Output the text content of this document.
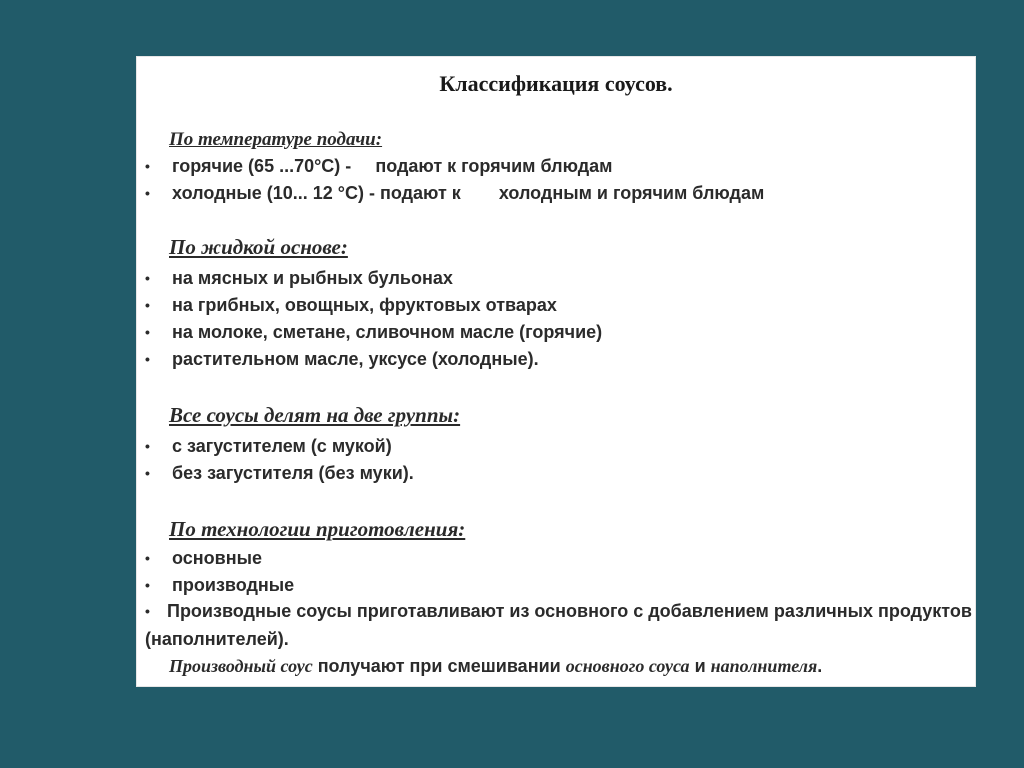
Классификация соусов.
По температуре подачи:
• горячие (65 ...70°С) - подают к горячим блюдам
• холодные (10... 12 °С) - подают к холодным и горячим блюдам
По жидкой основе:
• на мясных и рыбных бульонах
• на грибных, овощных, фруктовых отварах
• на молоке, сметане, сливочном масле (горячие)
• растительном масле, уксусе (холодные).
Все соусы делят на две группы:
• с загустителем (с мукой)
• без загустителя (без муки).
По технологии приготовления:
• основные
• производные
• Производные соусы приготавливают из основного с добавлением различных продуктов (наполнителей).
Производный соус получают при смешивании основного соуса и наполнителя.
